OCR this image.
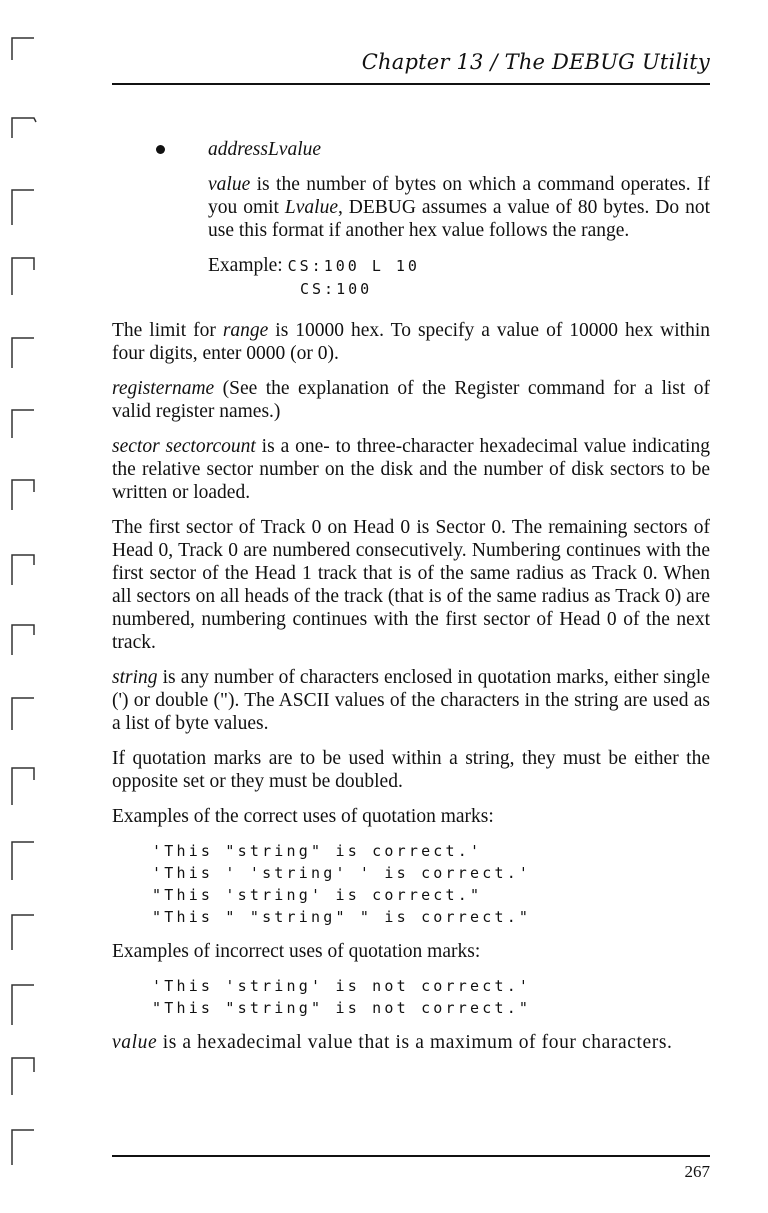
Chapter 13 / The DEBUG Utility
addressLvalue
value is the number of bytes on which a command operates. If you omit Lvalue, DEBUG assumes a value of 80 bytes. Do not use this format if another hex value follows the range.
Example: CS:100 L 10
CS:100
The limit for range is 10000 hex. To specify a value of 10000 hex within four digits, enter 0000 (or 0).
registername (See the explanation of the Register command for a list of valid register names.)
sector sectorcount is a one- to three-character hexadecimal value indicating the relative sector number on the disk and the number of disk sectors to be written or loaded.
The first sector of Track 0 on Head 0 is Sector 0. The remaining sectors of Head 0, Track 0 are numbered consecutively. Numbering continues with the first sector of the Head 1 track that is of the same radius as Track 0. When all sectors on all heads of the track (that is of the same radius as Track 0) are numbered, numbering continues with the first sector of Head 0 of the next track.
string is any number of characters enclosed in quotation marks, either single (') or double ("). The ASCII values of the characters in the string are used as a list of byte values.
If quotation marks are to be used within a string, they must be either the opposite set or they must be doubled.
Examples of the correct uses of quotation marks:
'This "string" is correct.'
'This ' 'string' ' is correct.'
"This 'string' is correct."
"This " "string" " is correct."
Examples of incorrect uses of quotation marks:
'This 'string' is not correct.'
"This "string" is not correct."
value is a hexadecimal value that is a maximum of four characters.
267
